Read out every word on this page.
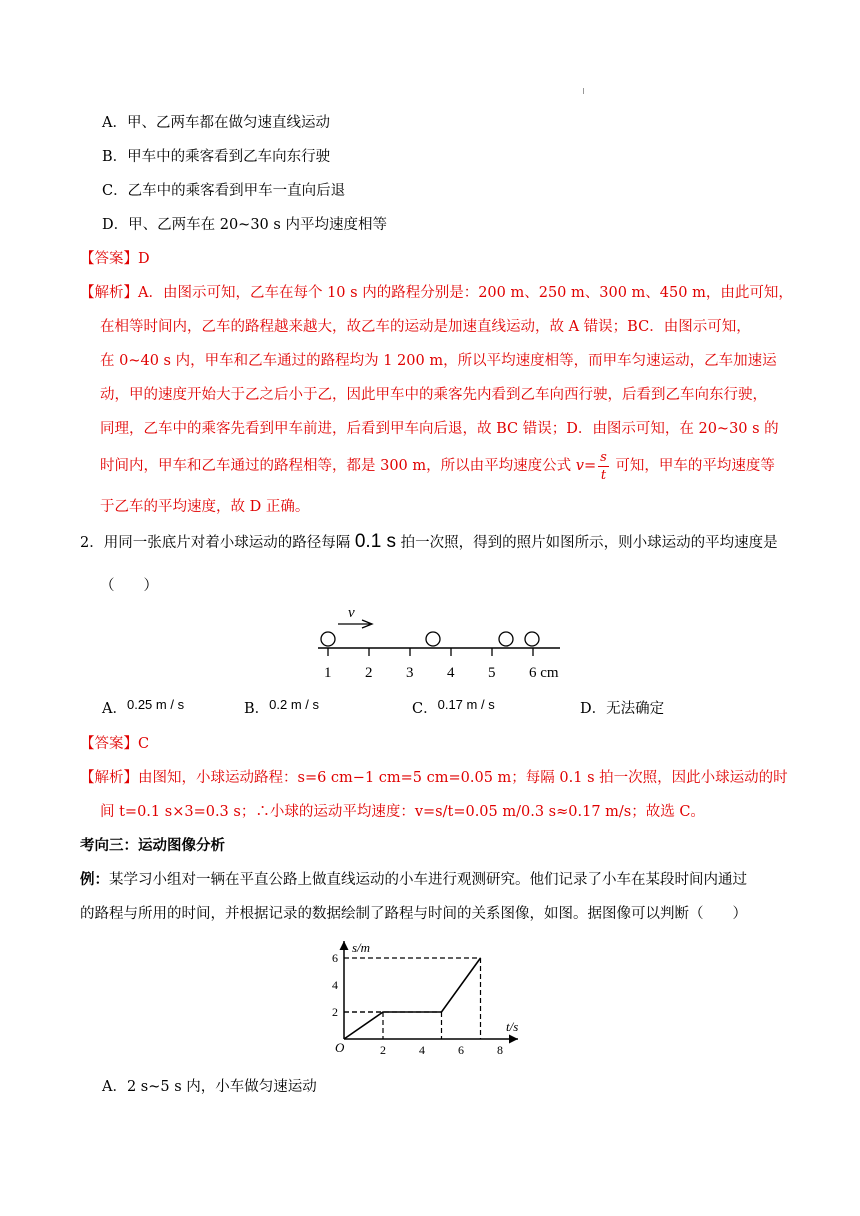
A．甲、乙两车都在做匀速直线运动
B．甲车中的乘客看到乙车向东行驶
C．乙车中的乘客看到甲车一直向后退
D．甲、乙两车在 20~30 s 内平均速度相等
【答案】D
【解析】A．由图示可知，乙车在每个 10 s 内的路程分别是：200 m、250 m、300 m、450 m，由此可知，
在相等时间内，乙车的路程越来越大，故乙车的运动是加速直线运动，故 A 错误；BC．由图示可知，
在 0~40 s 内，甲车和乙车通过的路程均为 1 200 m，所以平均速度相等，而甲车匀速运动，乙车加速运
动，甲的速度开始大于乙之后小于乙，因此甲车中的乘客先内看到乙车向西行驶，后看到乙车向东行驶，
同理，乙车中的乘客先看到甲车前进，后看到甲车向后退，故 BC 错误；D．由图示可知，在 20~30 s 的
时间内，甲车和乙车通过的路程相等，都是 300 m，所以由平均速度公式 $v= \frac{s}{t}$ 可知，甲车的平均速度等
于乙车的平均速度，故 D 正确。
2．用同一张底片对着小球运动的路径每隔 0.1 s 拍一次照，得到的照片如图所示，则小球运动的平均速度是
（　　）
v
1 2 3 4 5 6 cm
A．0.25 m / s	B．0.2 m / s	C．0.17 m / s	D．无法确定
【答案】C
【解析】由图知，小球运动路程：s=6 cm−1 cm=5 cm=0.05 m；每隔 0.1 s 拍一次照，因此小球运动的时
间 t=0.1 s×3=0.3 s；∴小球的运动平均速度：v=s/t=0.05 m/0.3 s≈0.17 m/s；故选 C。
考向三：运动图像分析
例：某学习小组对一辆在平直公路上做直线运动的小车进行观测研究。他们记录了小车在某段时间内通过
的路程与所用的时间，并根据记录的数据绘制了路程与时间的关系图像，如图。据图像可以判断（　　）
s/m
t/s
O
2
4
6
2	4	6	8
A．2 s~5 s 内，小车做匀速运动
